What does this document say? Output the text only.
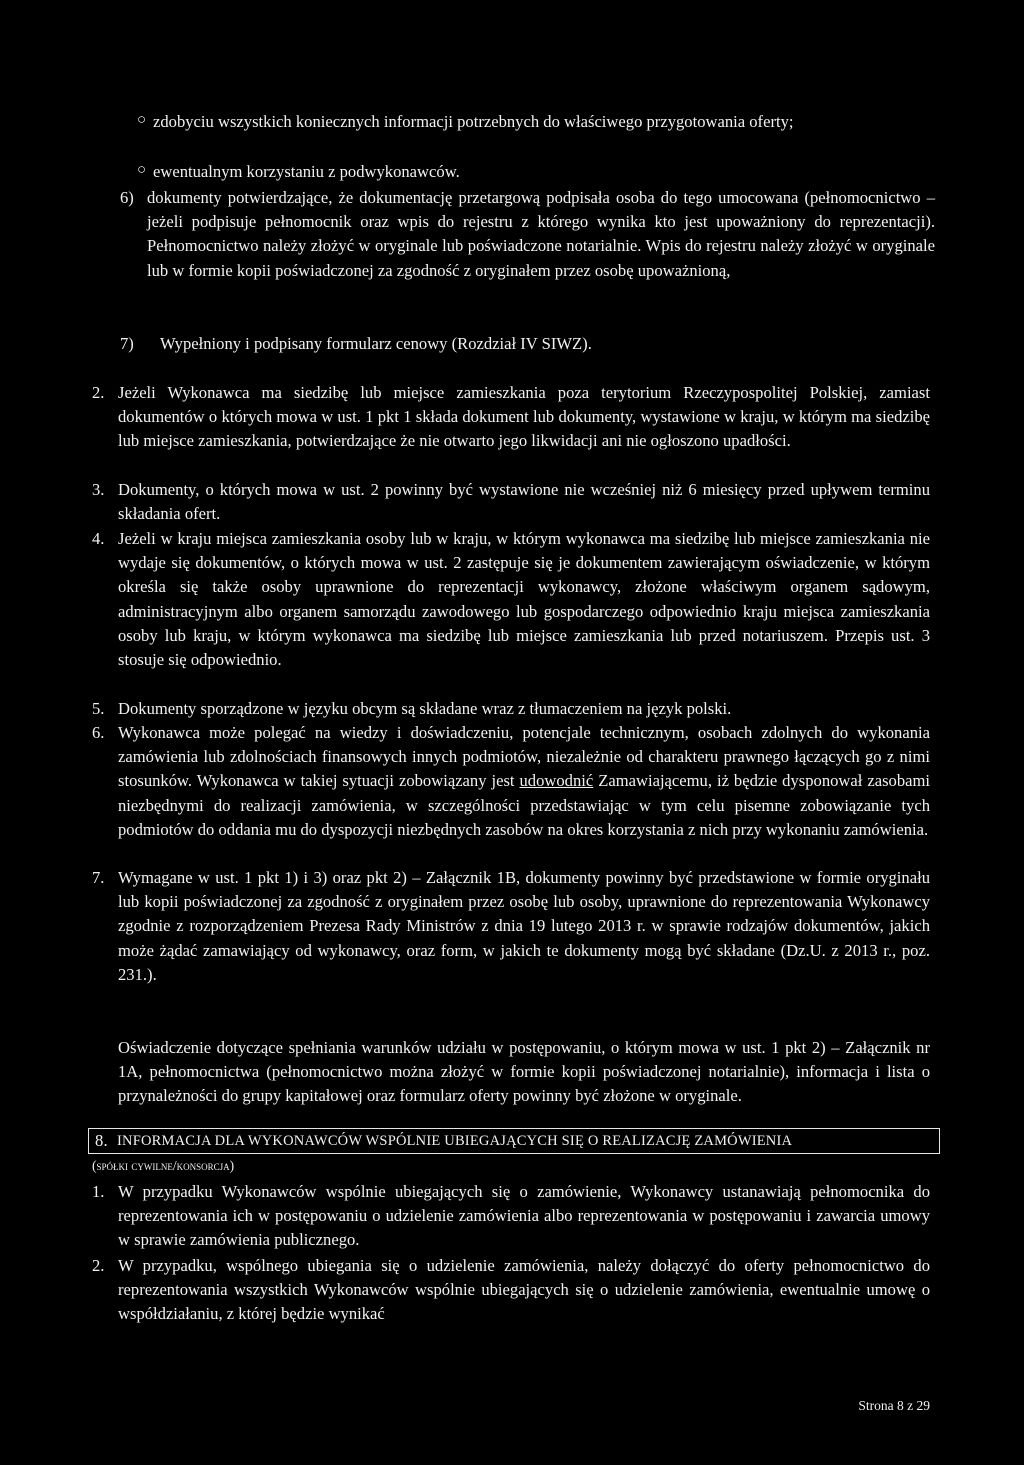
○ zdobyciu wszystkich koniecznych informacji potrzebnych do właściwego przygotowania oferty;
○ ewentualnym korzystaniu z podwykonawców.
6) dokumenty potwierdzające, że dokumentację przetargową podpisała osoba do tego umocowana (pełnomocnictwo – jeżeli podpisuje pełnomocnik oraz wpis do rejestru z którego wynika kto jest upoważniony do reprezentacji). Pełnomocnictwo należy złożyć w oryginale lub poświadczone notarialnie. Wpis do rejestru należy złożyć w oryginale lub w formie kopii poświadczonej za zgodność z oryginałem przez osobę upoważnioną,
7) Wypełniony i podpisany formularz cenowy (Rozdział IV SIWZ).
2. Jeżeli Wykonawca ma siedzibę lub miejsce zamieszkania poza terytorium Rzeczypospolitej Polskiej, zamiast dokumentów o których mowa w ust. 1 pkt 1 składa dokument lub dokumenty, wystawione w kraju, w którym ma siedzibę lub miejsce zamieszkania, potwierdzające że nie otwarto jego likwidacji ani nie ogłoszono upadłości.
3. Dokumenty, o których mowa w ust. 2 powinny być wystawione nie wcześniej niż 6 miesięcy przed upływem terminu składania ofert.
4. Jeżeli w kraju miejsca zamieszkania osoby lub w kraju, w którym wykonawca ma siedzibę lub miejsce zamieszkania nie wydaje się dokumentów, o których mowa w ust. 2 zastępuje się je dokumentem zawierającym oświadczenie, w którym określa się także osoby uprawnione do reprezentacji wykonawcy, złożone właściwym organem sądowym, administracyjnym albo organem samorządu zawodowego lub gospodarczego odpowiednio kraju miejsca zamieszkania osoby lub kraju, w którym wykonawca ma siedzibę lub miejsce zamieszkania lub przed notariuszem. Przepis ust. 3 stosuje się odpowiednio.
5. Dokumenty sporządzone w języku obcym są składane wraz z tłumaczeniem na język polski.
6. Wykonawca może polegać na wiedzy i doświadczeniu, potencjale technicznym, osobach zdolnych do wykonania zamówienia lub zdolnościach finansowych innych podmiotów, niezależnie od charakteru prawnego łączących go z nimi stosunków. Wykonawca w takiej sytuacji zobowiązany jest udowodnić Zamawiającemu, iż będzie dysponował zasobami niezbędnymi do realizacji zamówienia, w szczególności przedstawiając w tym celu pisemne zobowiązanie tych podmiotów do oddania mu do dyspozycji niezbędnych zasobów na okres korzystania z nich przy wykonaniu zamówienia.
7. Wymagane w ust. 1 pkt 1) i 3) oraz pkt 2) – Załącznik 1B, dokumenty powinny być przedstawione w formie oryginału lub kopii poświadczonej za zgodność z oryginałem przez osobę lub osoby, uprawnione do reprezentowania Wykonawcy zgodnie z rozporządzeniem Prezesa Rady Ministrów z dnia 19 lutego 2013 r. w sprawie rodzajów dokumentów, jakich może żądać zamawiający od wykonawcy, oraz form, w jakich te dokumenty mogą być składane (Dz.U. z 2013 r., poz. 231.).
Oświadczenie dotyczące spełniania warunków udziału w postępowaniu, o którym mowa w ust. 1 pkt 2) – Załącznik nr 1A, pełnomocnictwa (pełnomocnictwo można złożyć w formie kopii poświadczonej notarialnie), informacja i lista o przynależności do grupy kapitałowej oraz formularz oferty powinny być złożone w oryginale.
8. INFORMACJA DLA WYKONAWCÓW WSPÓLNIE UBIEGAJĄCYCH SIĘ O REALIZACJĘ ZAMÓWIENIA
(spółki cywilne/konsorcja)
1. W przypadku Wykonawców wspólnie ubiegających się o zamówienie, Wykonawcy ustanawiają pełnomocnika do reprezentowania ich w postępowaniu o udzielenie zamówienia albo reprezentowania w postępowaniu i zawarcia umowy w sprawie zamówienia publicznego.
2. W przypadku, wspólnego ubiegania się o udzielenie zamówienia, należy dołączyć do oferty pełnomocnictwo do reprezentowania wszystkich Wykonawców wspólnie ubiegających się o udzielenie zamówienia, ewentualnie umowę o współdziałaniu, z której będzie wynikać
Strona 8 z 29
